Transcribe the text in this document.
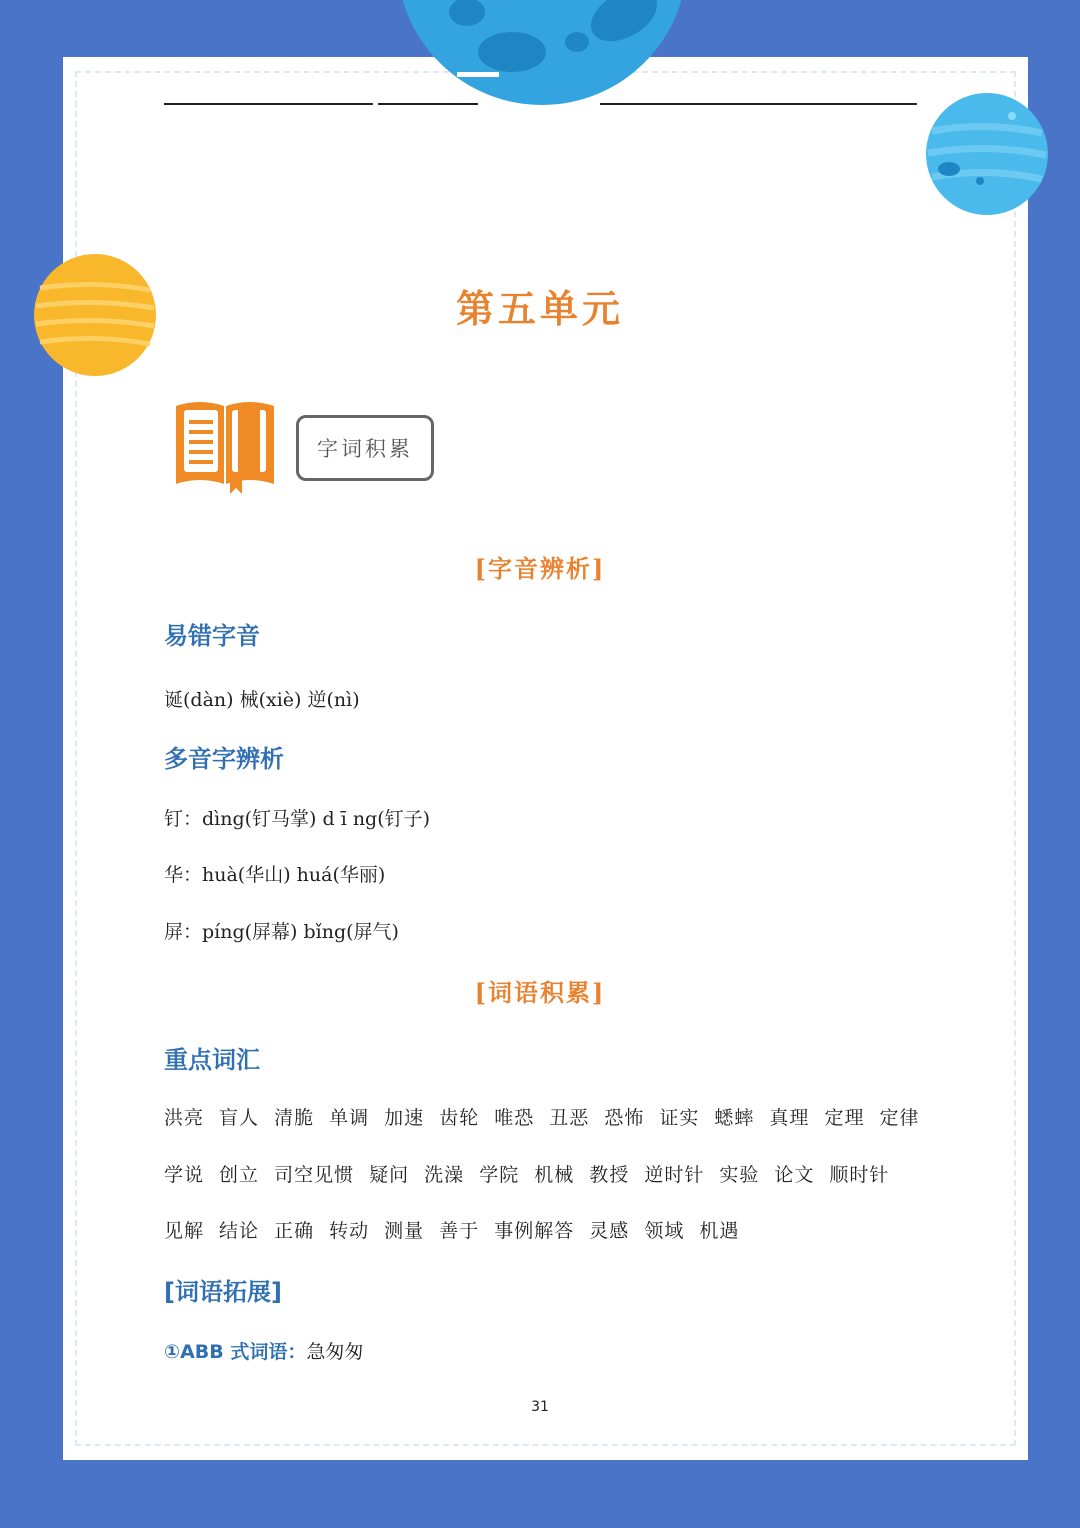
第五单元
字词积累
[字音辨析]
易错字音
诞(dàn) 械(xiè) 逆(nì)
多音字辨析
钉：dìng(钉马掌) d ī ng(钉子)
华：huà(华山) huá(华丽)
屏：píng(屏幕) bǐng(屏气)
[词语积累]
重点词汇
洪亮 盲人 清脆 单调 加速 齿轮 唯恐 丑恶 恐怖 证实 蟋蟀 真理 定理 定律
学说 创立 司空见惯 疑问 洗澡 学院 机械 教授 逆时针 实验 论文 顺时针
见解 结论 正确 转动 测量 善于 事例解答 灵感 领域 机遇
[词语拓展]
①ABB 式词语：急匆匆
31
